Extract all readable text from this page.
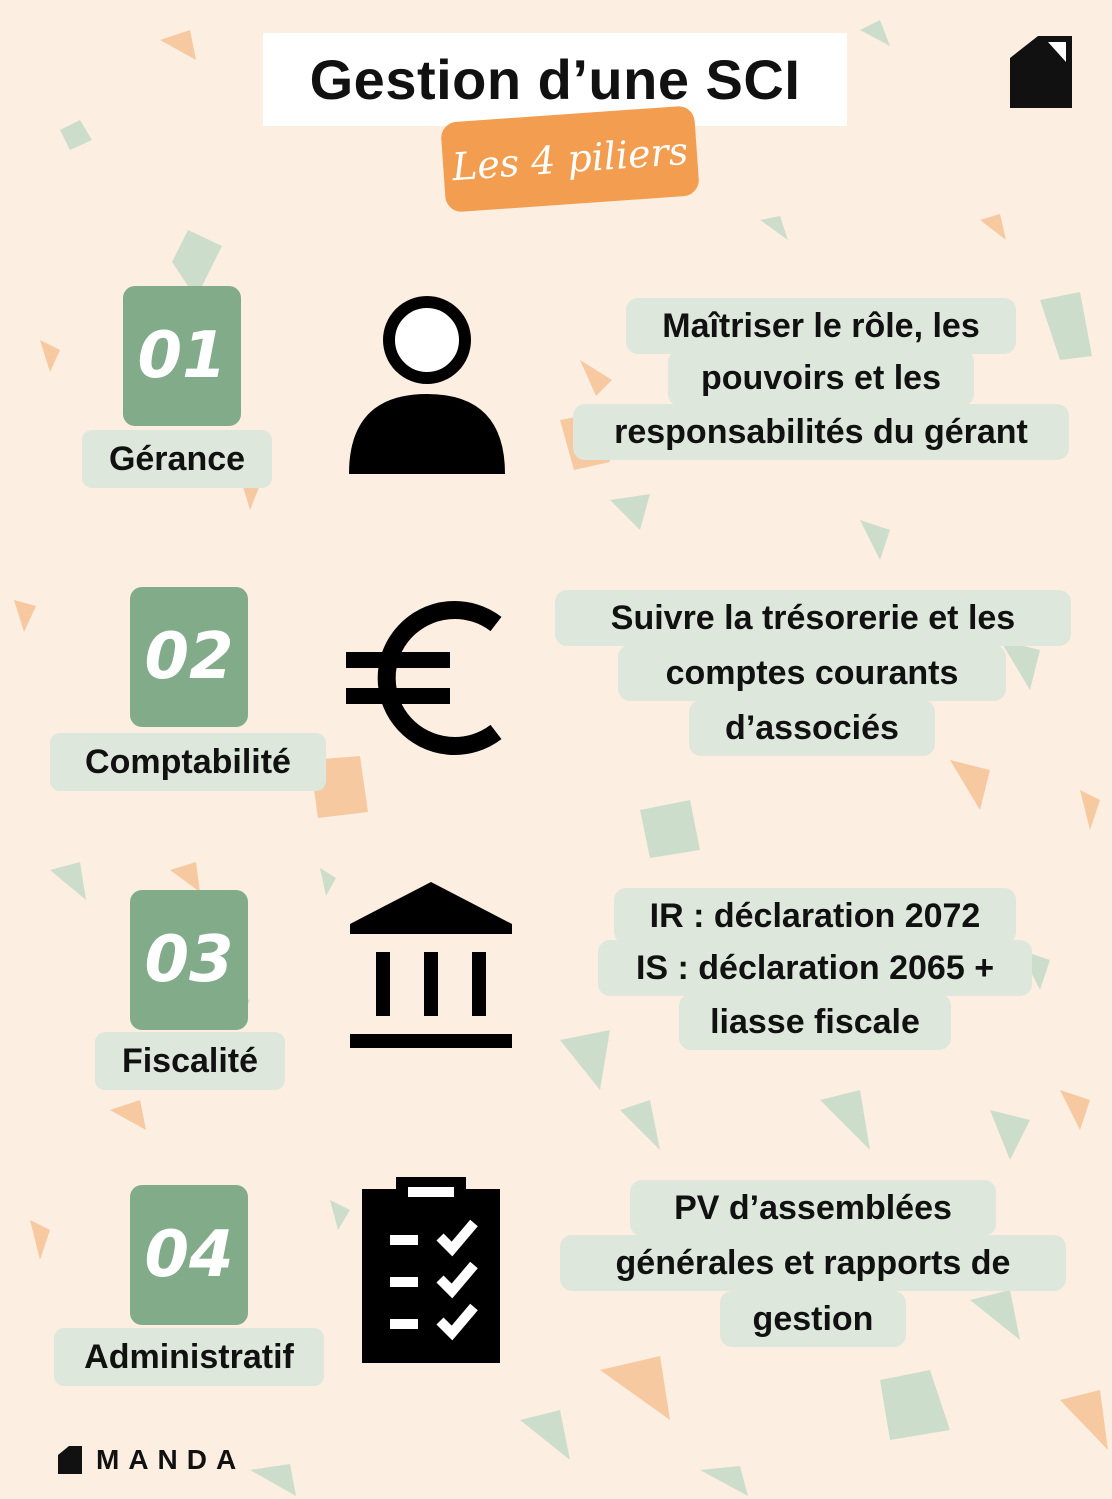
Gestion d’une SCI
Les 4 piliers
01
Gérance
Maîtriser le rôle, les
pouvoirs et les
responsabilités du gérant
02
Comptabilité
Suivre la trésorerie et les
comptes courants
d’associés
03
Fiscalité
IR : déclaration 2072
IS : déclaration 2065 +
liasse fiscale
04
Administratif
PV d’assemblées
générales et rapports de
gestion
MANDA
